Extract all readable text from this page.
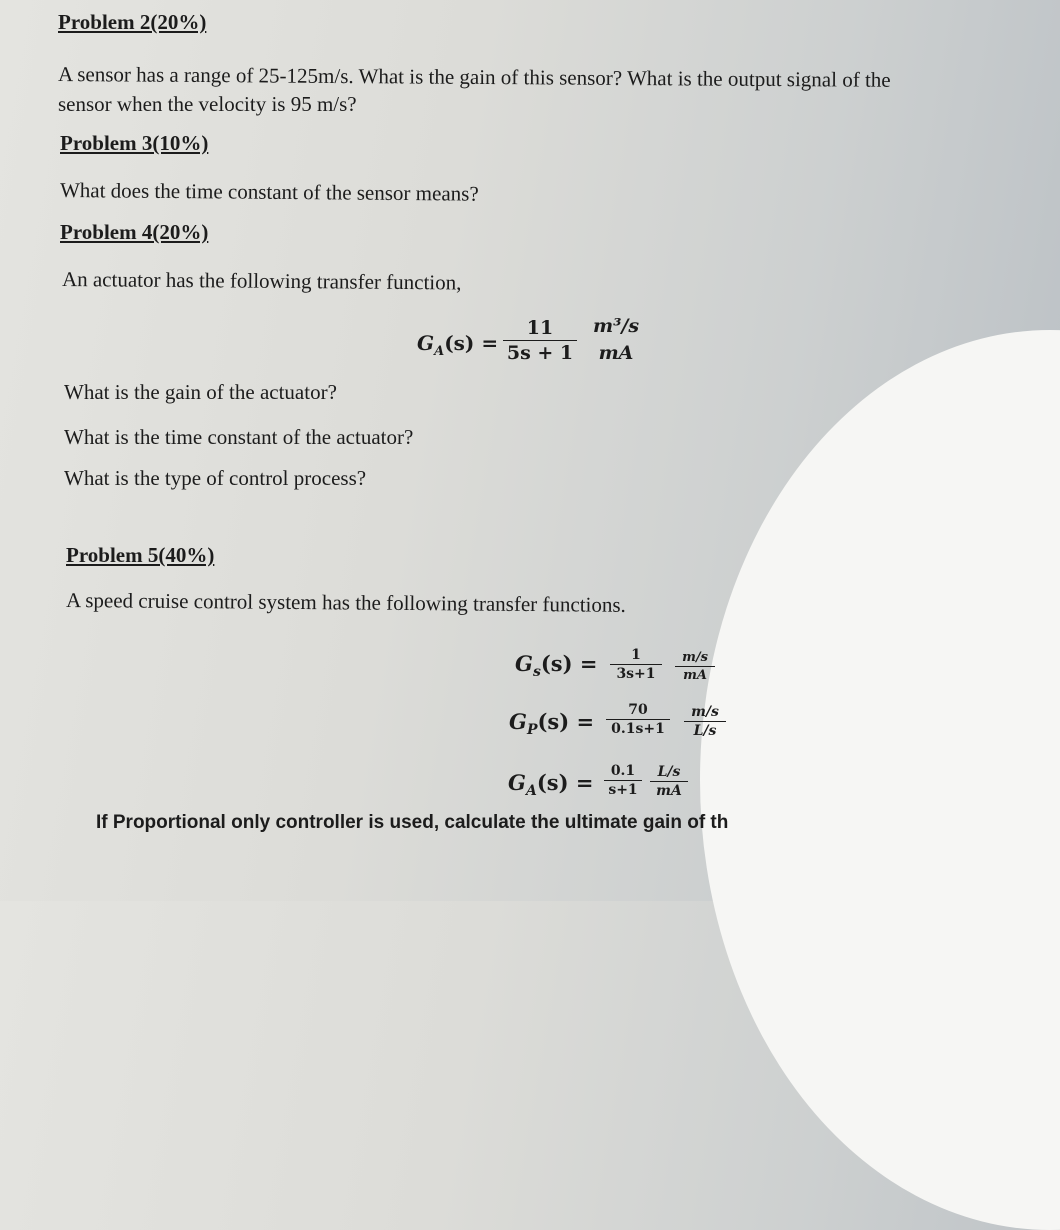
Problem 2(20%)
A sensor has a range of 25-125m/s. What is the gain of this sensor? What is the output signal of the
sensor when the velocity is 95 m/s?
Problem 3(10%)
What does the time constant of the sensor means?
Problem 4(20%)
An actuator has the following transfer function,
$G_A(s) = \frac{11}{5s + 1} m^3/s$
mA
What is the gain of the actuator?
What is the time constant of the actuator?
What is the type of control process?
Problem 5(40%)
A speed cruise control system has the following transfer functions.
$G_s(s) = \frac{1}{3s+1} \frac{m/s}{mA}$
$G_P(s) = \frac{70}{0.1s+1} \frac{m/s}{L/s}$
$G_A(s) = \frac{0.1}{s+1} \frac{L/s}{mA}$
If Proportional only controller is used, calculate the ultimate gain of th
